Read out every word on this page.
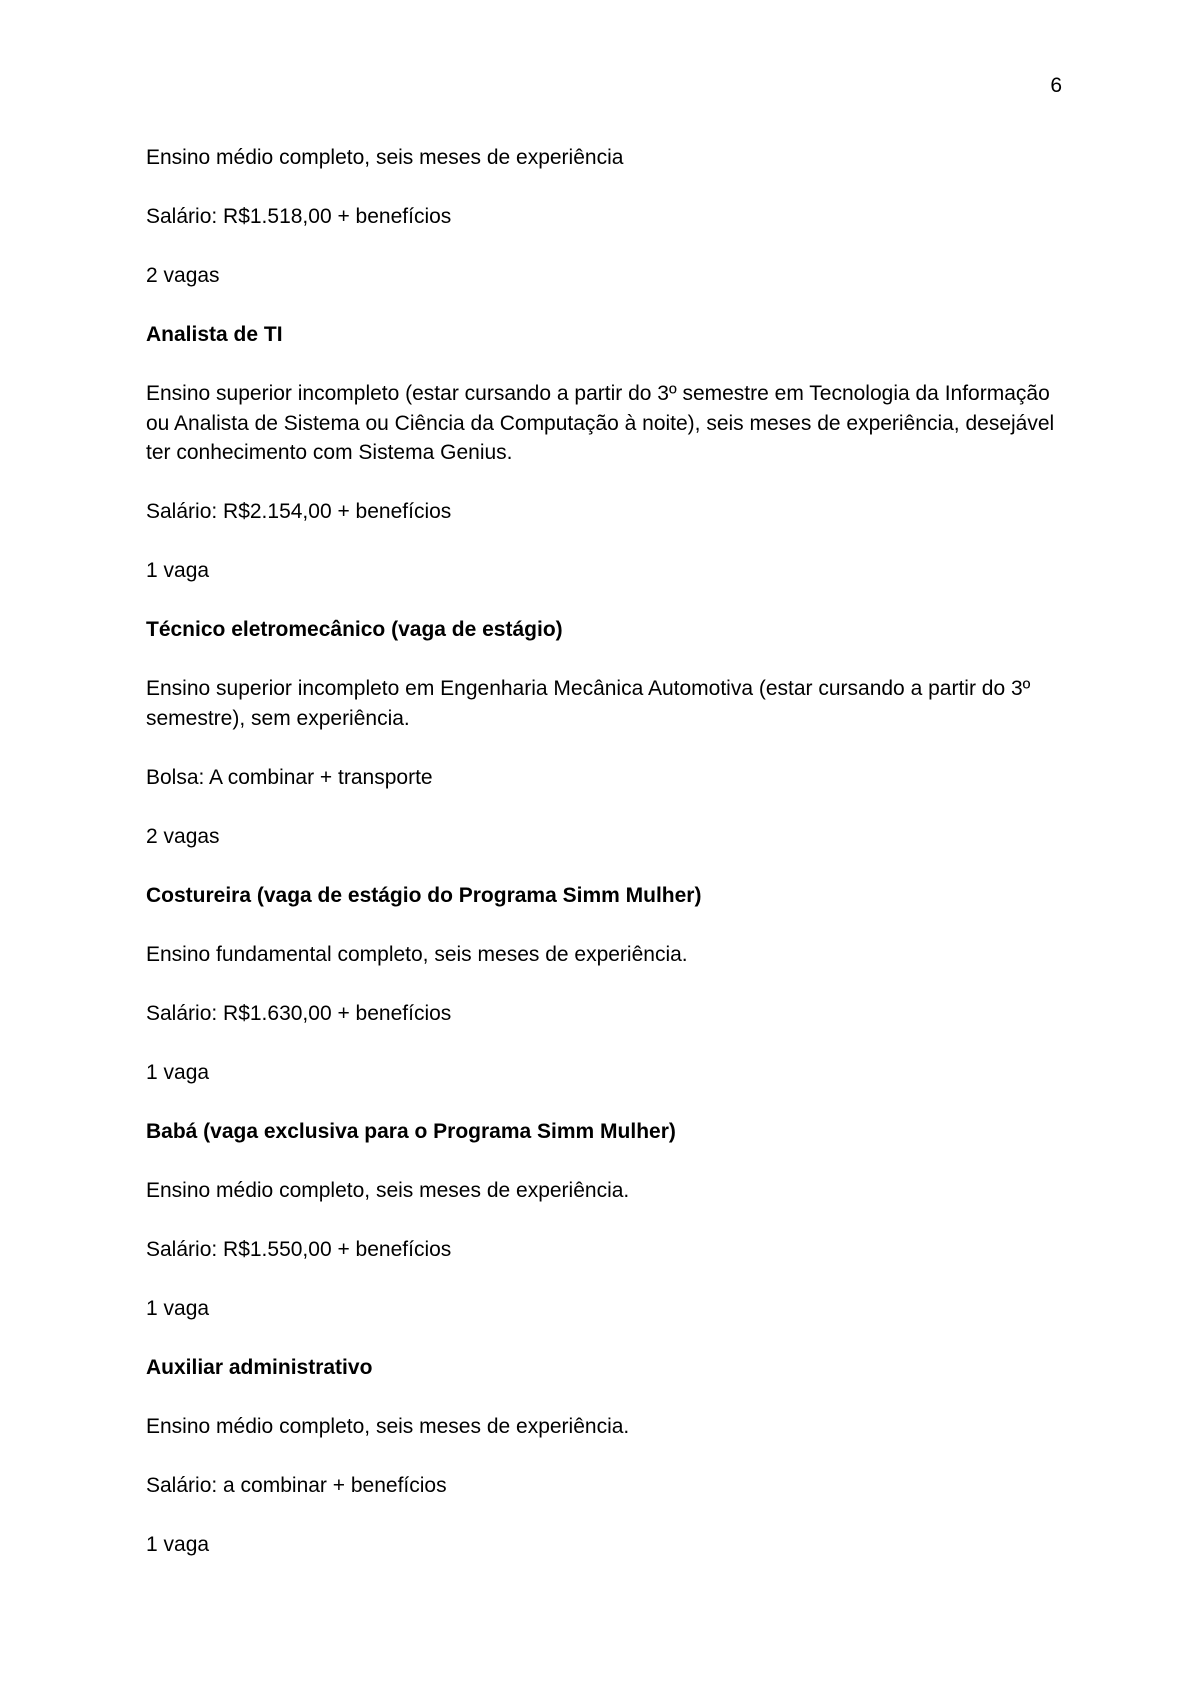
6

Ensino médio completo, seis meses de experiência

Salário: R$1.518,00 + benefícios

2 vagas

Analista de TI

Ensino superior incompleto (estar cursando a partir do 3º semestre em Tecnologia da Informação ou Analista de Sistema ou Ciência da Computação à noite), seis meses de experiência, desejável ter conhecimento com Sistema Genius.

Salário: R$2.154,00 + benefícios

1 vaga

Técnico eletromecânico (vaga de estágio)

Ensino superior incompleto em Engenharia Mecânica Automotiva (estar cursando a partir do 3º semestre), sem experiência.

Bolsa: A combinar + transporte

2 vagas

Costureira (vaga de estágio do Programa Simm Mulher)

Ensino fundamental completo, seis meses de experiência.

Salário: R$1.630,00 + benefícios

1 vaga

Babá (vaga exclusiva para o Programa Simm Mulher)

Ensino médio completo, seis meses de experiência.

Salário: R$1.550,00 + benefícios

1 vaga

Auxiliar administrativo

Ensino médio completo, seis meses de experiência.

Salário: a combinar + benefícios

1 vaga
